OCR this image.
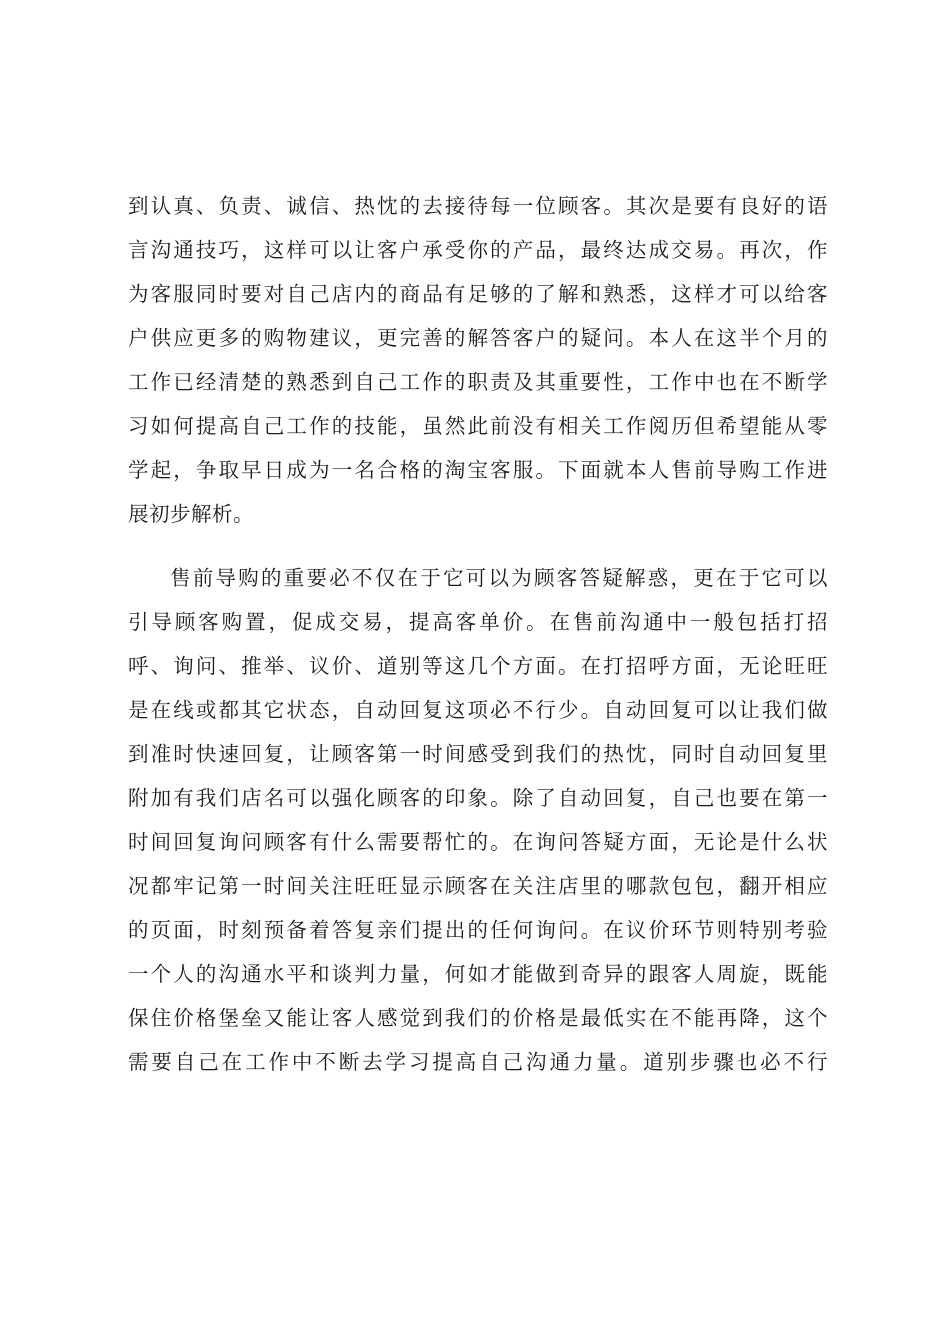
到认真、负责、诚信、热忱的去接待每一位顾客。其次是要有良好的语
言沟通技巧，这样可以让客户承受你的产品，最终达成交易。再次，作
为客服同时要对自己店内的商品有足够的了解和熟悉，这样才可以给客
户供应更多的购物建议，更完善的解答客户的疑问。本人在这半个月的
工作已经清楚的熟悉到自己工作的职责及其重要性，工作中也在不断学
习如何提高自己工作的技能，虽然此前没有相关工作阅历但希望能从零
学起，争取早日成为一名合格的淘宝客服。下面就本人售前导购工作进
展初步解析。
售前导购的重要必不仅在于它可以为顾客答疑解惑，更在于它可以
引导顾客购置，促成交易，提高客单价。在售前沟通中一般包括打招
呼、询问、推举、议价、道别等这几个方面。在打招呼方面，无论旺旺
是在线或都其它状态，自动回复这项必不行少。自动回复可以让我们做
到准时快速回复，让顾客第一时间感受到我们的热忱，同时自动回复里
附加有我们店名可以强化顾客的印象。除了自动回复，自己也要在第一
时间回复询问顾客有什么需要帮忙的。在询问答疑方面，无论是什么状
况都牢记第一时间关注旺旺显示顾客在关注店里的哪款包包，翻开相应
的页面，时刻预备着答复亲们提出的任何询问。在议价环节则特别考验
一个人的沟通水平和谈判力量，何如才能做到奇异的跟客人周旋，既能
保住价格堡垒又能让客人感觉到我们的价格是最低实在不能再降，这个
需要自己在工作中不断去学习提高自己沟通力量。道别步骤也必不行
